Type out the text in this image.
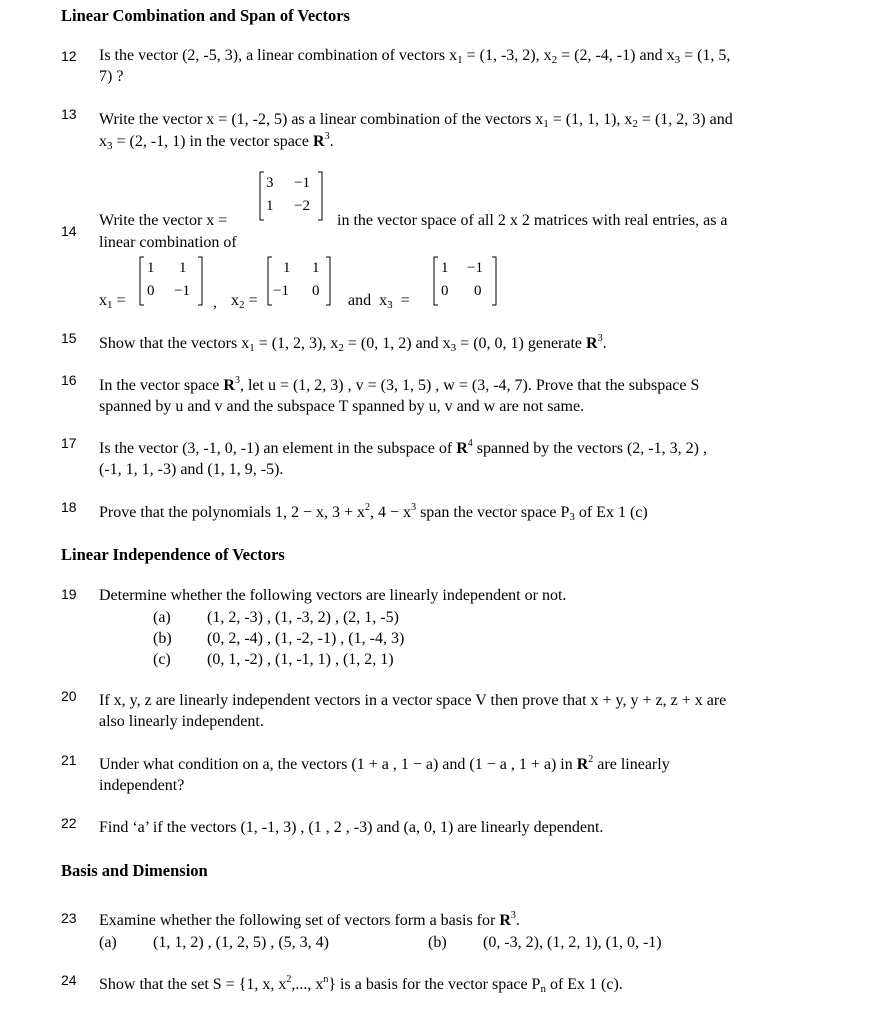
Linear Combination and Span of Vectors
12 Is the vector (2, -5, 3), a linear combination of vectors $x_1 = (1$, -3, 2), $x_2 = (2$, -4, -1) and $x_3 = (1$, 5,
7) ?
13 Write the vector x = (1, -2, 5) as a linear combination of the vectors $x_1 = (1$, 1, 1), $x_2 = (1$, 2, 3) and
$x_3 = (2$, -1, 1) in the vector space $R^3$.
14
Write the vector x =
3 −1
1 −2
in the vector space of all 2 x 2 matrices with real entries, as a
linear combination of
$x_1$ =
1 1
0 −1
, $x_2$ =
1 1
−1 0
and $x_3$ =
1 −1
0 0
15 Show that the vectors $x_1 = (1$, 2, 3), $x_2 = (0$, 1, 2) and $x_3 = (0$, 0, 1) generate $R^3$.
16 In the vector space $R^3$, let u = (1, 2, 3) , v = (3, 1, 5) , w = (3, -4, 7). Prove that the subspace S
spanned by u and v and the subspace T spanned by u, v and w are not same.
17 Is the vector (3, -1, 0, -1) an element in the subspace of $R^4$ spanned by the vectors (2, -1, 3, 2) ,
(-1, 1, 1, -3) and (1, 1, 9, -5).
18 Prove that the polynomials 1, 2 − x, $3 + x^2$, $4 - x^3$ span the vector space $P_3$ of Ex 1 (c)
Linear Independence of Vectors
19 Determine whether the following vectors are linearly independent or not.
(a) (1, 2, -3) , (1, -3, 2) , (2, 1, -5)
(b) (0, 2, -4) , (1, -2, -1) , (1, -4, 3)
(c) (0, 1, -2) , (1, -1, 1) , (1, 2, 1)
20 If x, y, z are linearly independent vectors in a vector space V then prove that x + y, y + z, z + x are
also linearly independent.
21 Under what condition on a, the vectors (1 + a , 1 − a) and (1 − a , 1 + a) in $R^2$ are linearly
independent?
22 Find ‘a’ if the vectors (1, -1, 3) , (1 , 2 , -3) and (a, 0, 1) are linearly dependent.
Basis and Dimension
23 Examine whether the following set of vectors form a basis for $R^3$.
(a) (1, 1, 2) , (1, 2, 5) , (5, 3, 4)	(b) (0, -3, 2), (1, 2, 1), (1, 0, -1)
24 Show that the set S = {1, x, $x^2$,..., $x^n$} is a basis for the vector space $P_n$ of Ex 1 (c).
